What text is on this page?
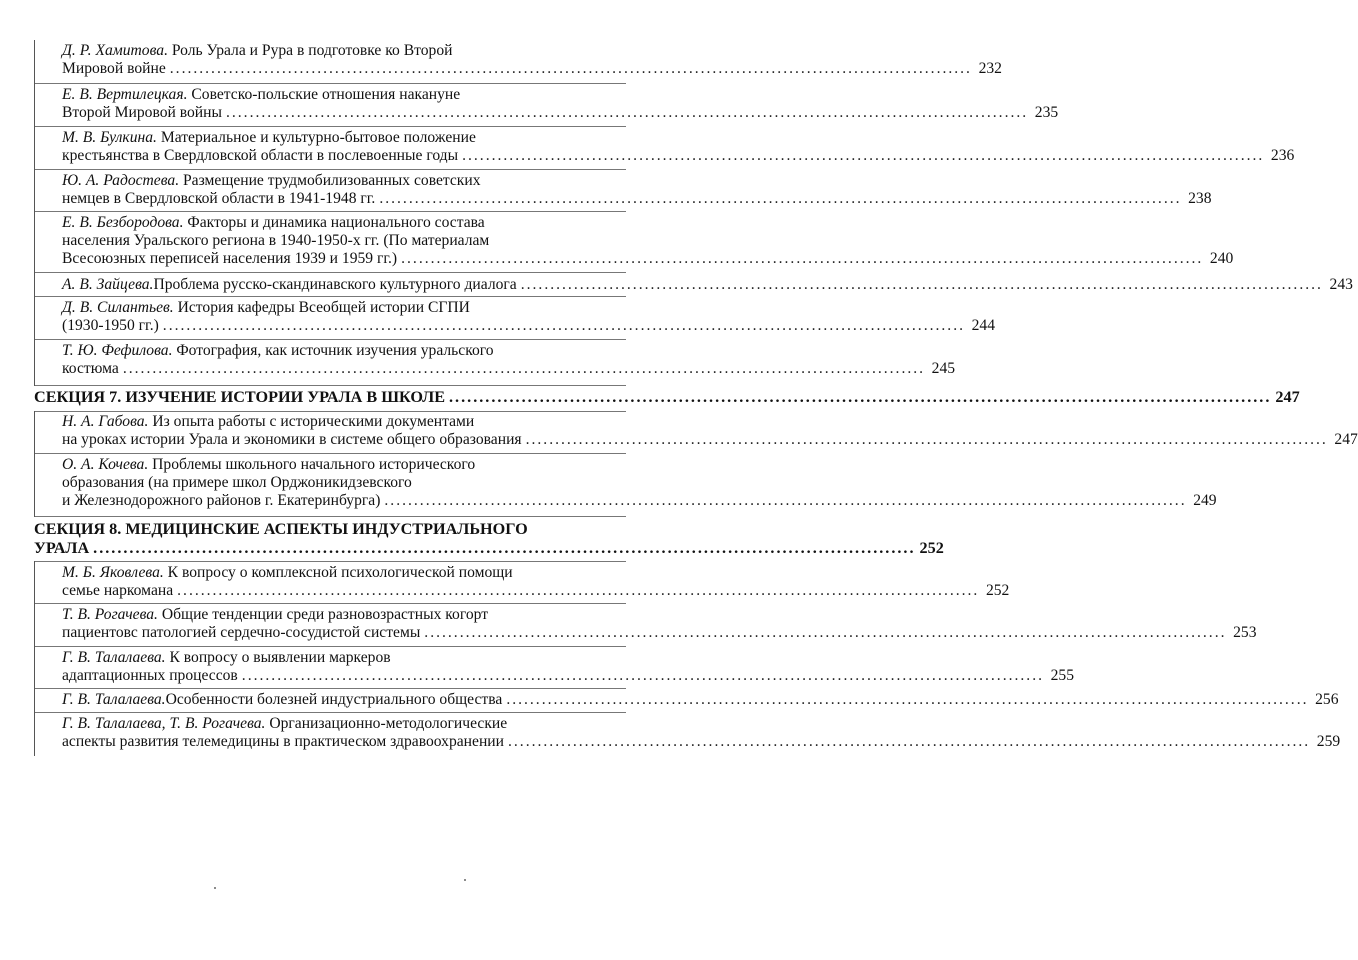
Д. Р. Хамитова. Роль Урала и Рура в подготовке ко Второй
Мировой войне ........................................................................................................................................ 232
Е. В. Вертилецкая. Советско-польские отношения накануне
Второй Мировой войны ........................................................................................................................................ 235
М. В. Булкина. Материальное и культурно-бытовое положение
крестьянства в Свердловской области в послевоенные годы ........................................................................................................................................ 236
Ю. А. Радостева. Размещение трудмобилизованных советских
немцев в Свердловской области в 1941-1948 гг. ........................................................................................................................................ 238
Е. В. Безбородова. Факторы и динамика национального состава
населения Уральского региона в 1940-1950-х гг. (По материалам
Всесоюзных переписей населения 1939 и 1959 гг.) ........................................................................................................................................ 240
А. В. Зайцева. Проблема русско-скандинавского культурного диалога ........................................................................................................................................ 243
Д. В. Силантьев. История кафедры Всеобщей истории СГПИ
(1930-1950 гг.) ........................................................................................................................................ 244
Т. Ю. Фефилова. Фотография, как источник изучения уральского
костюма ........................................................................................................................................ 245
СЕКЦИЯ 7. ИЗУЧЕНИЕ ИСТОРИИ УРАЛА В ШКОЛЕ ........................................................................................................................................ 247
Н. А. Габова. Из опыта работы с историческими документами
на уроках истории Урала и экономики в системе общего образования ........................................................................................................................................ 247
О. А. Кочева. Проблемы школьного начального исторического
образования (на примере школ Орджоникидзевского
и Железнодорожного районов г. Екатеринбурга) ........................................................................................................................................ 249
СЕКЦИЯ 8. МЕДИЦИНСКИЕ АСПЕКТЫ ИНДУСТРИАЛЬНОГО
УРАЛА ........................................................................................................................................ 252
М. Б. Яковлева. К вопросу о комплексной психологической помощи
семье наркомана ........................................................................................................................................ 252
Т. В. Рогачева. Общие тенденции среди разновозрастных когорт
пациентовс патологией сердечно-сосудистой системы ........................................................................................................................................ 253
Г. В. Талалаева. К вопросу о выявлении маркеров
адаптационных процессов ........................................................................................................................................ 255
Г. В. Талалаева. Особенности болезней индустриального общества ........................................................................................................................................ 256
Г. В. Талалаева, Т. В. Рогачева. Организационно-методологические
аспекты развития телемедицины в практическом здравоохранении ........................................................................................................................................ 259
